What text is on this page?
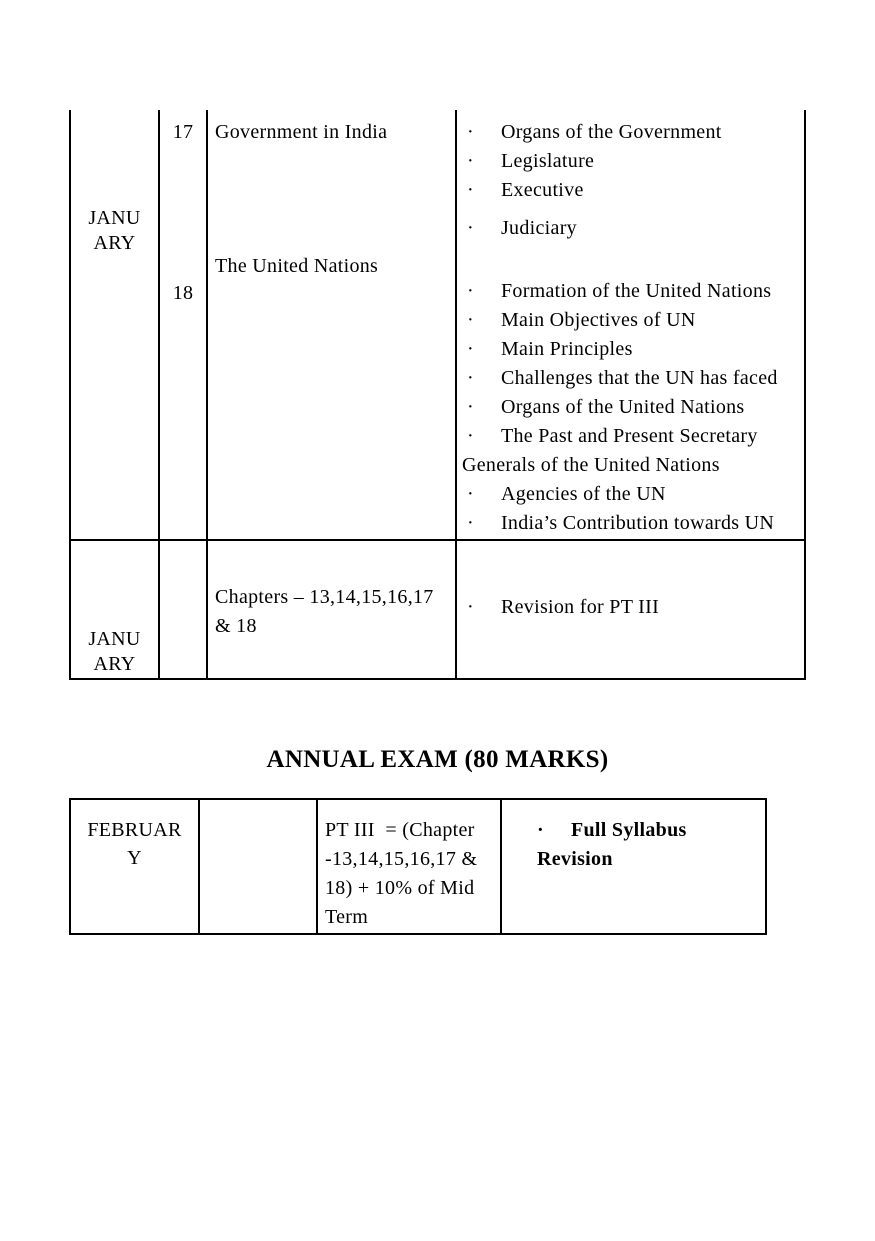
JANUARY

17

18

Government in India

The United Nations

· Organs of the Government

· Legislature

· Executive

· Judiciary

· Formation of the United Nations

· Main Objectives of UN

· Main Principles

· Challenges that the UN has faced

· Organs of the United Nations

· The Past and Present Secretary Generals of the United Nations

· Agencies of the UN

· India’s Contribution towards UN

JANUARY

Chapters – 13,14,15,16,17 & 18

· Revision for PT III

ANNUAL EXAM (80 MARKS)
FEBRUARY

PT III  = (Chapter -13,14,15,16,17 & 18) + 10% of Mid Term

· Full Syllabus Revision
